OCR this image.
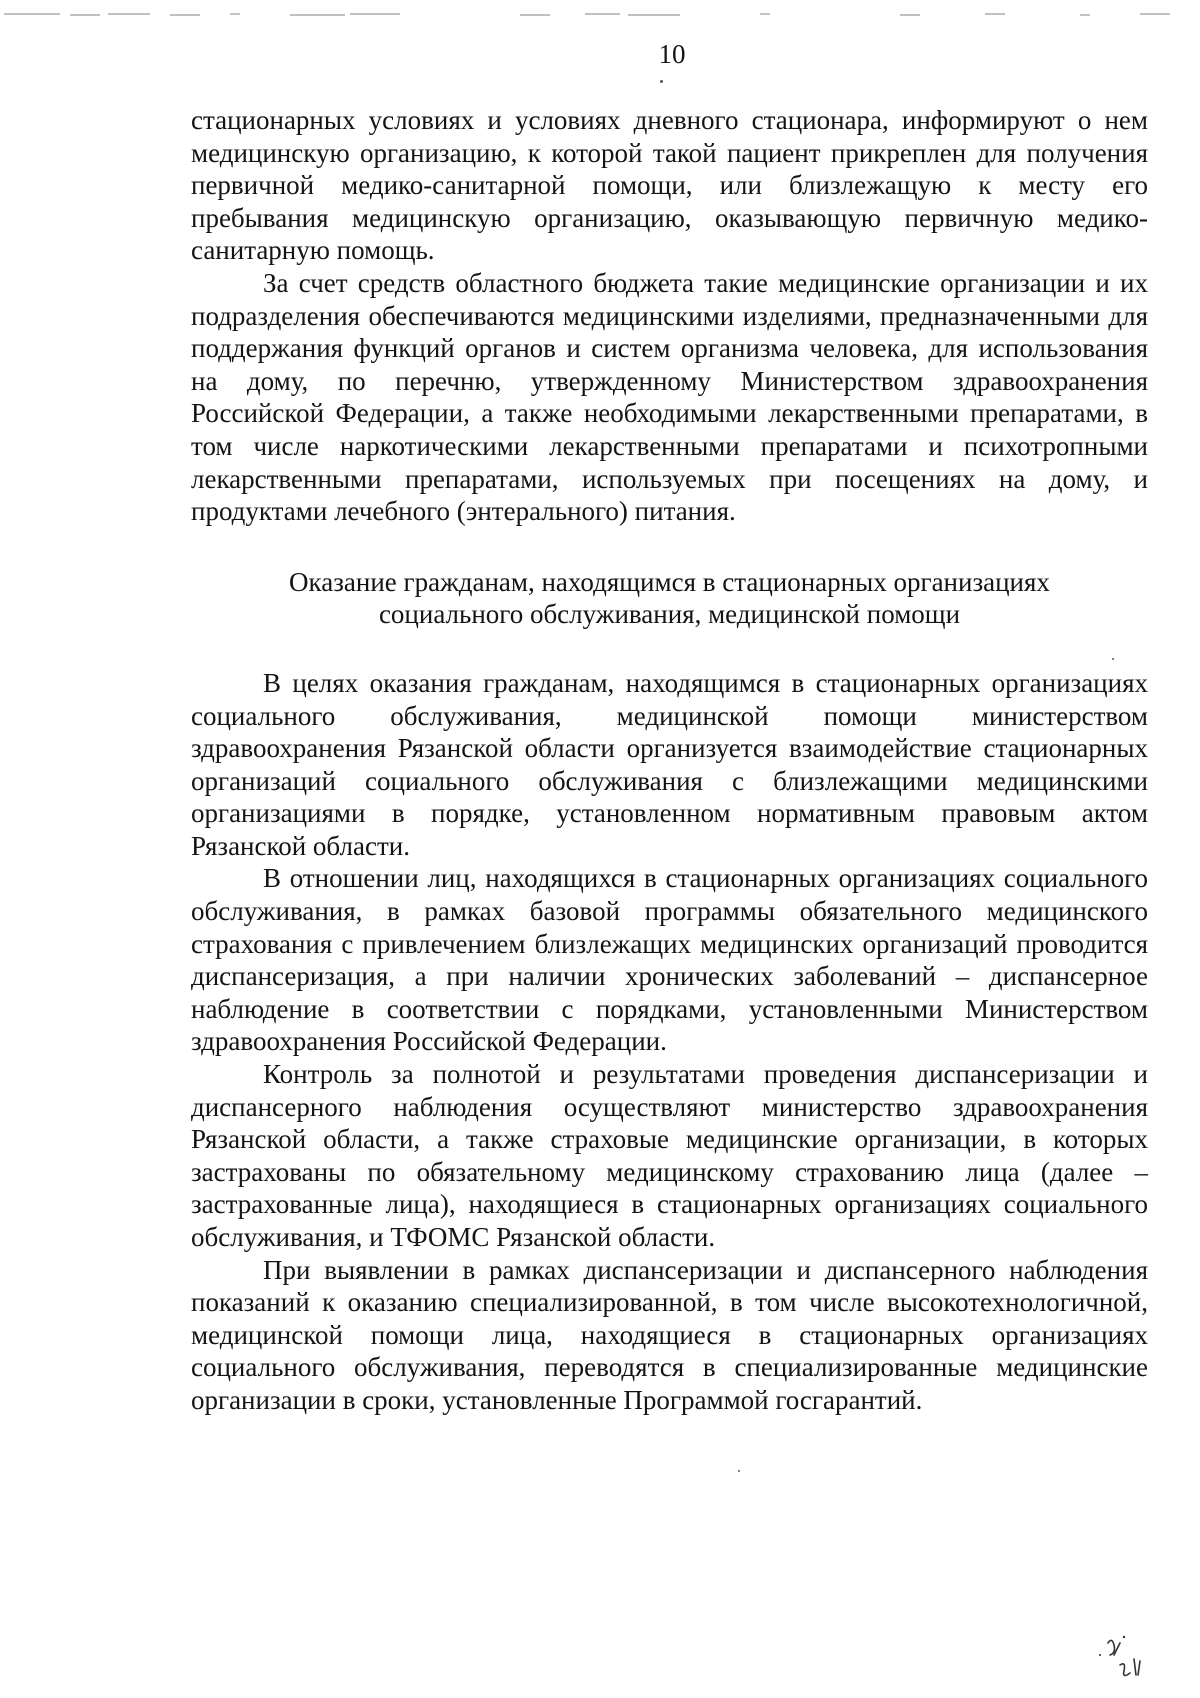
10

стационарных условиях и условиях дневного стационара, информируют о нем медицинскую организацию, к которой такой пациент прикреплен для получения первичной медико-санитарной помощи, или близлежащую к месту его пребывания медицинскую организацию, оказывающую первичную медико-санитарную помощь.

За счет средств областного бюджета такие медицинские организации и их подразделения обеспечиваются медицинскими изделиями, предназначенными для поддержания функций органов и систем организма человека, для использования на дому, по перечню, утвержденному Министерством здравоохранения Российской Федерации, а также необходимыми лекарственными препаратами, в том числе наркотическими лекарственными препаратами и психотропными лекарственными препаратами, используемых при посещениях на дому, и продуктами лечебного (энтерального) питания.

Оказание гражданам, находящимся в стационарных организациях
социального обслуживания, медицинской помощи

В целях оказания гражданам, находящимся в стационарных организациях социального обслуживания, медицинской помощи министерством здравоохранения Рязанской области организуется взаимодействие стационарных организаций социального обслуживания с близлежащими медицинскими организациями в порядке, установленном нормативным правовым актом Рязанской области.

В отношении лиц, находящихся в стационарных организациях социального обслуживания, в рамках базовой программы обязательного медицинского страхования с привлечением близлежащих медицинских организаций проводится диспансеризация, а при наличии хронических заболеваний – диспансерное наблюдение в соответствии с порядками, установленными Министерством здравоохранения Российской Федерации.

Контроль за полнотой и результатами проведения диспансеризации и диспансерного наблюдения осуществляют министерство здравоохранения Рязанской области, а также страховые медицинские организации, в которых застрахованы по обязательному медицинскому страхованию лица (далее – застрахованные лица), находящиеся в стационарных организациях социального обслуживания, и ТФОМС Рязанской области.

При выявлении в рамках диспансеризации и диспансерного наблюдения показаний к оказанию специализированной, в том числе высокотехнологичной, медицинской помощи лица, находящиеся в стационарных организациях социального обслуживания, переводятся в специализированные медицинские организации в сроки, установленные Программой госгарантий.
